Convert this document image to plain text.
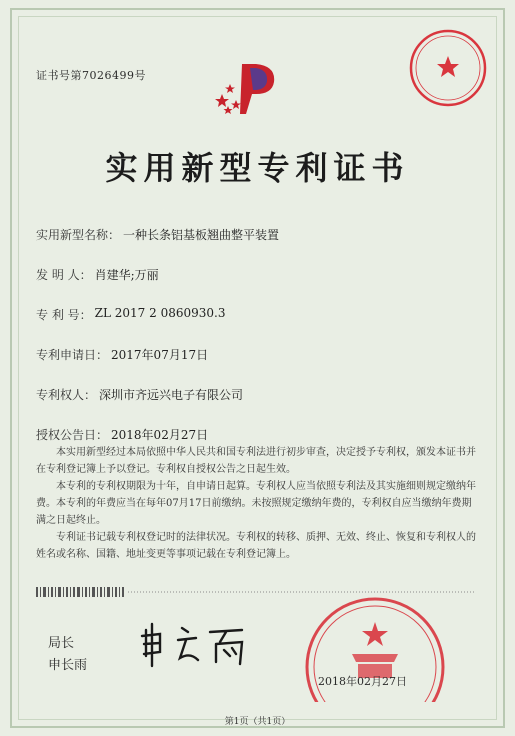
证书号第7026499号
实用新型专利证书
实用新型名称： 一种长条铝基板翘曲整平装置
发 明 人： 肖建华;万丽
专 利 号： ZL 2017 2 0860930.3
专利申请日： 2017年07月17日
专利权人： 深圳市齐远兴电子有限公司
授权公告日： 2018年02月27日

本实用新型经过本局依照中华人民共和国专利法进行初步审查，决定授予专利权，颁发本证书并在专利登记簿上予以登记。专利权自授权公告之日起生效。

本专利的专利权期限为十年，自申请日起算。专利权人应当依照专利法及其实施细则规定缴纳年费。本专利的年费应当在每年07月17日前缴纳。未按照规定缴纳年费的，专利权自应当缴纳年费期满之日起终止。

专利证书记载专利权登记时的法律状况。专利权的转移、质押、无效、终止、恢复和专利权人的姓名或名称、国籍、地址变更等事项记载在专利登记簿上。

局长
申长雨
2018年02月27日
第1页（共1页）
